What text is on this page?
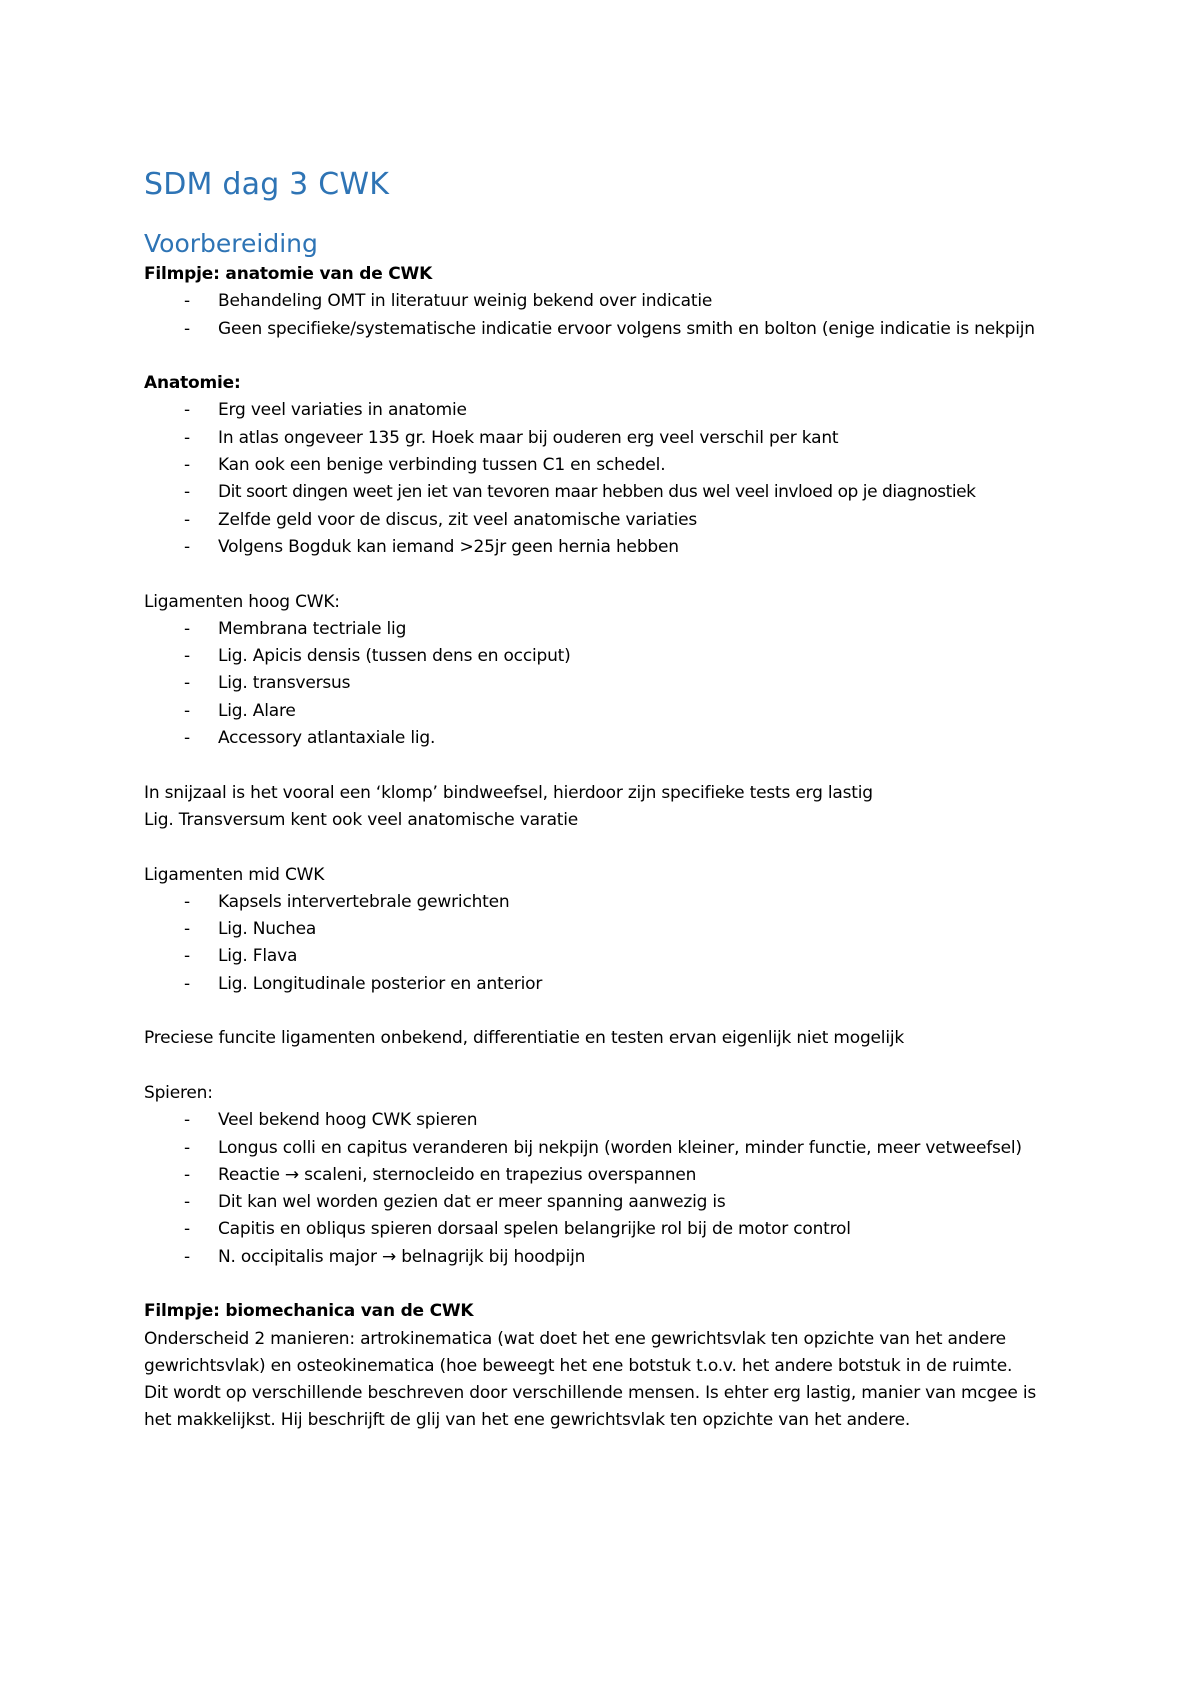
SDM dag 3 CWK
Voorbereiding

Filmpje: anatomie van de CWK

- Behandeling OMT in literatuur weinig bekend over indicatie
- Geen specifieke/systematische indicatie ervoor volgens smith en bolton (enige indicatie is nekpijn

Anatomie:

- Erg veel variaties in anatomie
- In atlas ongeveer 135 gr. Hoek maar bij ouderen erg veel verschil per kant
- Kan ook een benige verbinding tussen C1 en schedel.
- Dit soort dingen weet jen iet van tevoren maar hebben dus wel veel invloed op je diagnostiek
- Zelfde geld voor de discus, zit veel anatomische variaties
- Volgens Bogduk kan iemand >25jr geen hernia hebben

Ligamenten hoog CWK:

- Membrana tectriale lig
- Lig. Apicis densis (tussen dens en occiput)
- Lig. transversus
- Lig. Alare
- Accessory atlantaxiale lig.

In snijzaal is het vooral een ‘klomp’ bindweefsel, hierdoor zijn specifieke tests erg lastig

Lig. Transversum kent ook veel anatomische varatie

Ligamenten mid CWK

- Kapsels intervertebrale gewrichten
- Lig. Nuchea
- Lig. Flava
- Lig. Longitudinale posterior en anterior

Preciese funcite ligamenten onbekend, differentiatie en testen ervan eigenlijk niet mogelijk

Spieren:

- Veel bekend hoog CWK spieren
- Longus colli en capitus veranderen bij nekpijn (worden kleiner, minder functie, meer vetweefsel)
- Reactie → scaleni, sternocleido en trapezius overspannen
- Dit kan wel worden gezien dat er meer spanning aanwezig is
- Capitis en obliqus spieren dorsaal spelen belangrijke rol bij de motor control
- N. occipitalis major → belnagrijk bij hoodpijn

Filmpje: biomechanica van de CWK

Onderscheid 2 manieren: artrokinematica (wat doet het ene gewrichtsvlak ten opzichte van het andere gewrichtsvlak) en osteokinematica (hoe beweegt het ene botstuk t.o.v. het andere botstuk in de ruimte.

Dit wordt op verschillende beschreven door verschillende mensen. Is ehter erg lastig, manier van mcgee is het makkelijkst. Hij beschrijft de glij van het ene gewrichtsvlak ten opzichte van het andere.
